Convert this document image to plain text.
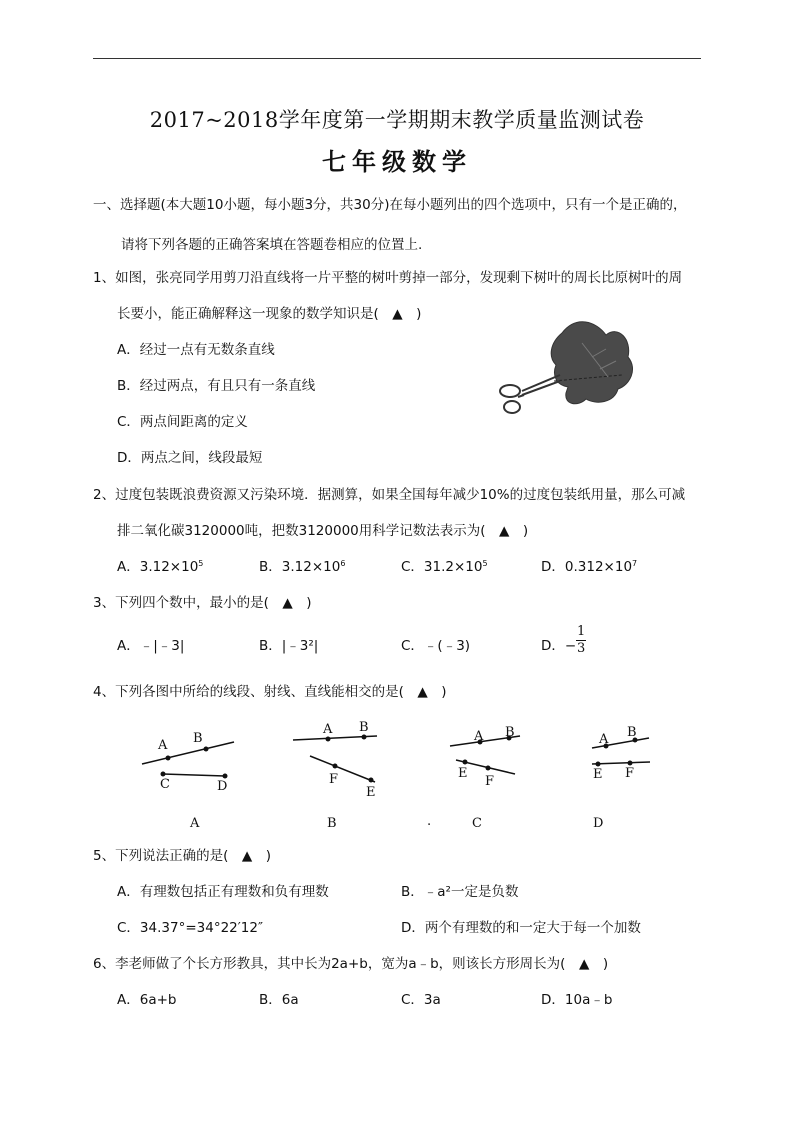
2017~2018学年度第一学期期末教学质量监测试卷
七年级数学
一、选择题(本大题10小题，每小题3分，共30分)在每小题列出的四个选项中，只有一个是正确的，
请将下列各题的正确答案填在答题卷相应的位置上.
1、如图，张亮同学用剪刀沿直线将一片平整的树叶剪掉一部分，发现剩下树叶的周长比原树叶的周
长要小，能正确解释这一现象的数学知识是(　▲　)
A．经过一点有无数条直线
B．经过两点，有且只有一条直线
C．两点间距离的定义
D．两点之间，线段最短
2、过度包装既浪费资源又污染环境．据测算，如果全国每年减少10%的过度包装纸用量，那么可减
排二氧化碳3120000吨，把数3120000用科学记数法表示为(　▲　)
A．$3.12\times 10^5$	B．$3.12\times 10^6$	C．$31.2\times 10^5$	D．$0.312\times 10^7$
3、下列四个数中，最小的是(　▲　)
A．﹣|﹣3|	B．|﹣3²|	C．﹣(﹣3)	D．− $\frac{1}{3}$
4、下列各图中所给的线段、射线、直线能相交的是(　▲　)
A B
C	D
A B
F
E
A B
E
F
A B
E F
A	B	.	C	D
5、下列说法正确的是(　▲　)
A．有理数包括正有理数和负有理数	B．﹣a²一定是负数
C．34.37°=34°22′12″	D．两个有理数的和一定大于每一个加数
6、李老师做了个长方形教具，其中长为2a+b，宽为a﹣b，则该长方形周长为(　▲　)
A．6a+b	B．6a	C．3a	D．10a﹣b
